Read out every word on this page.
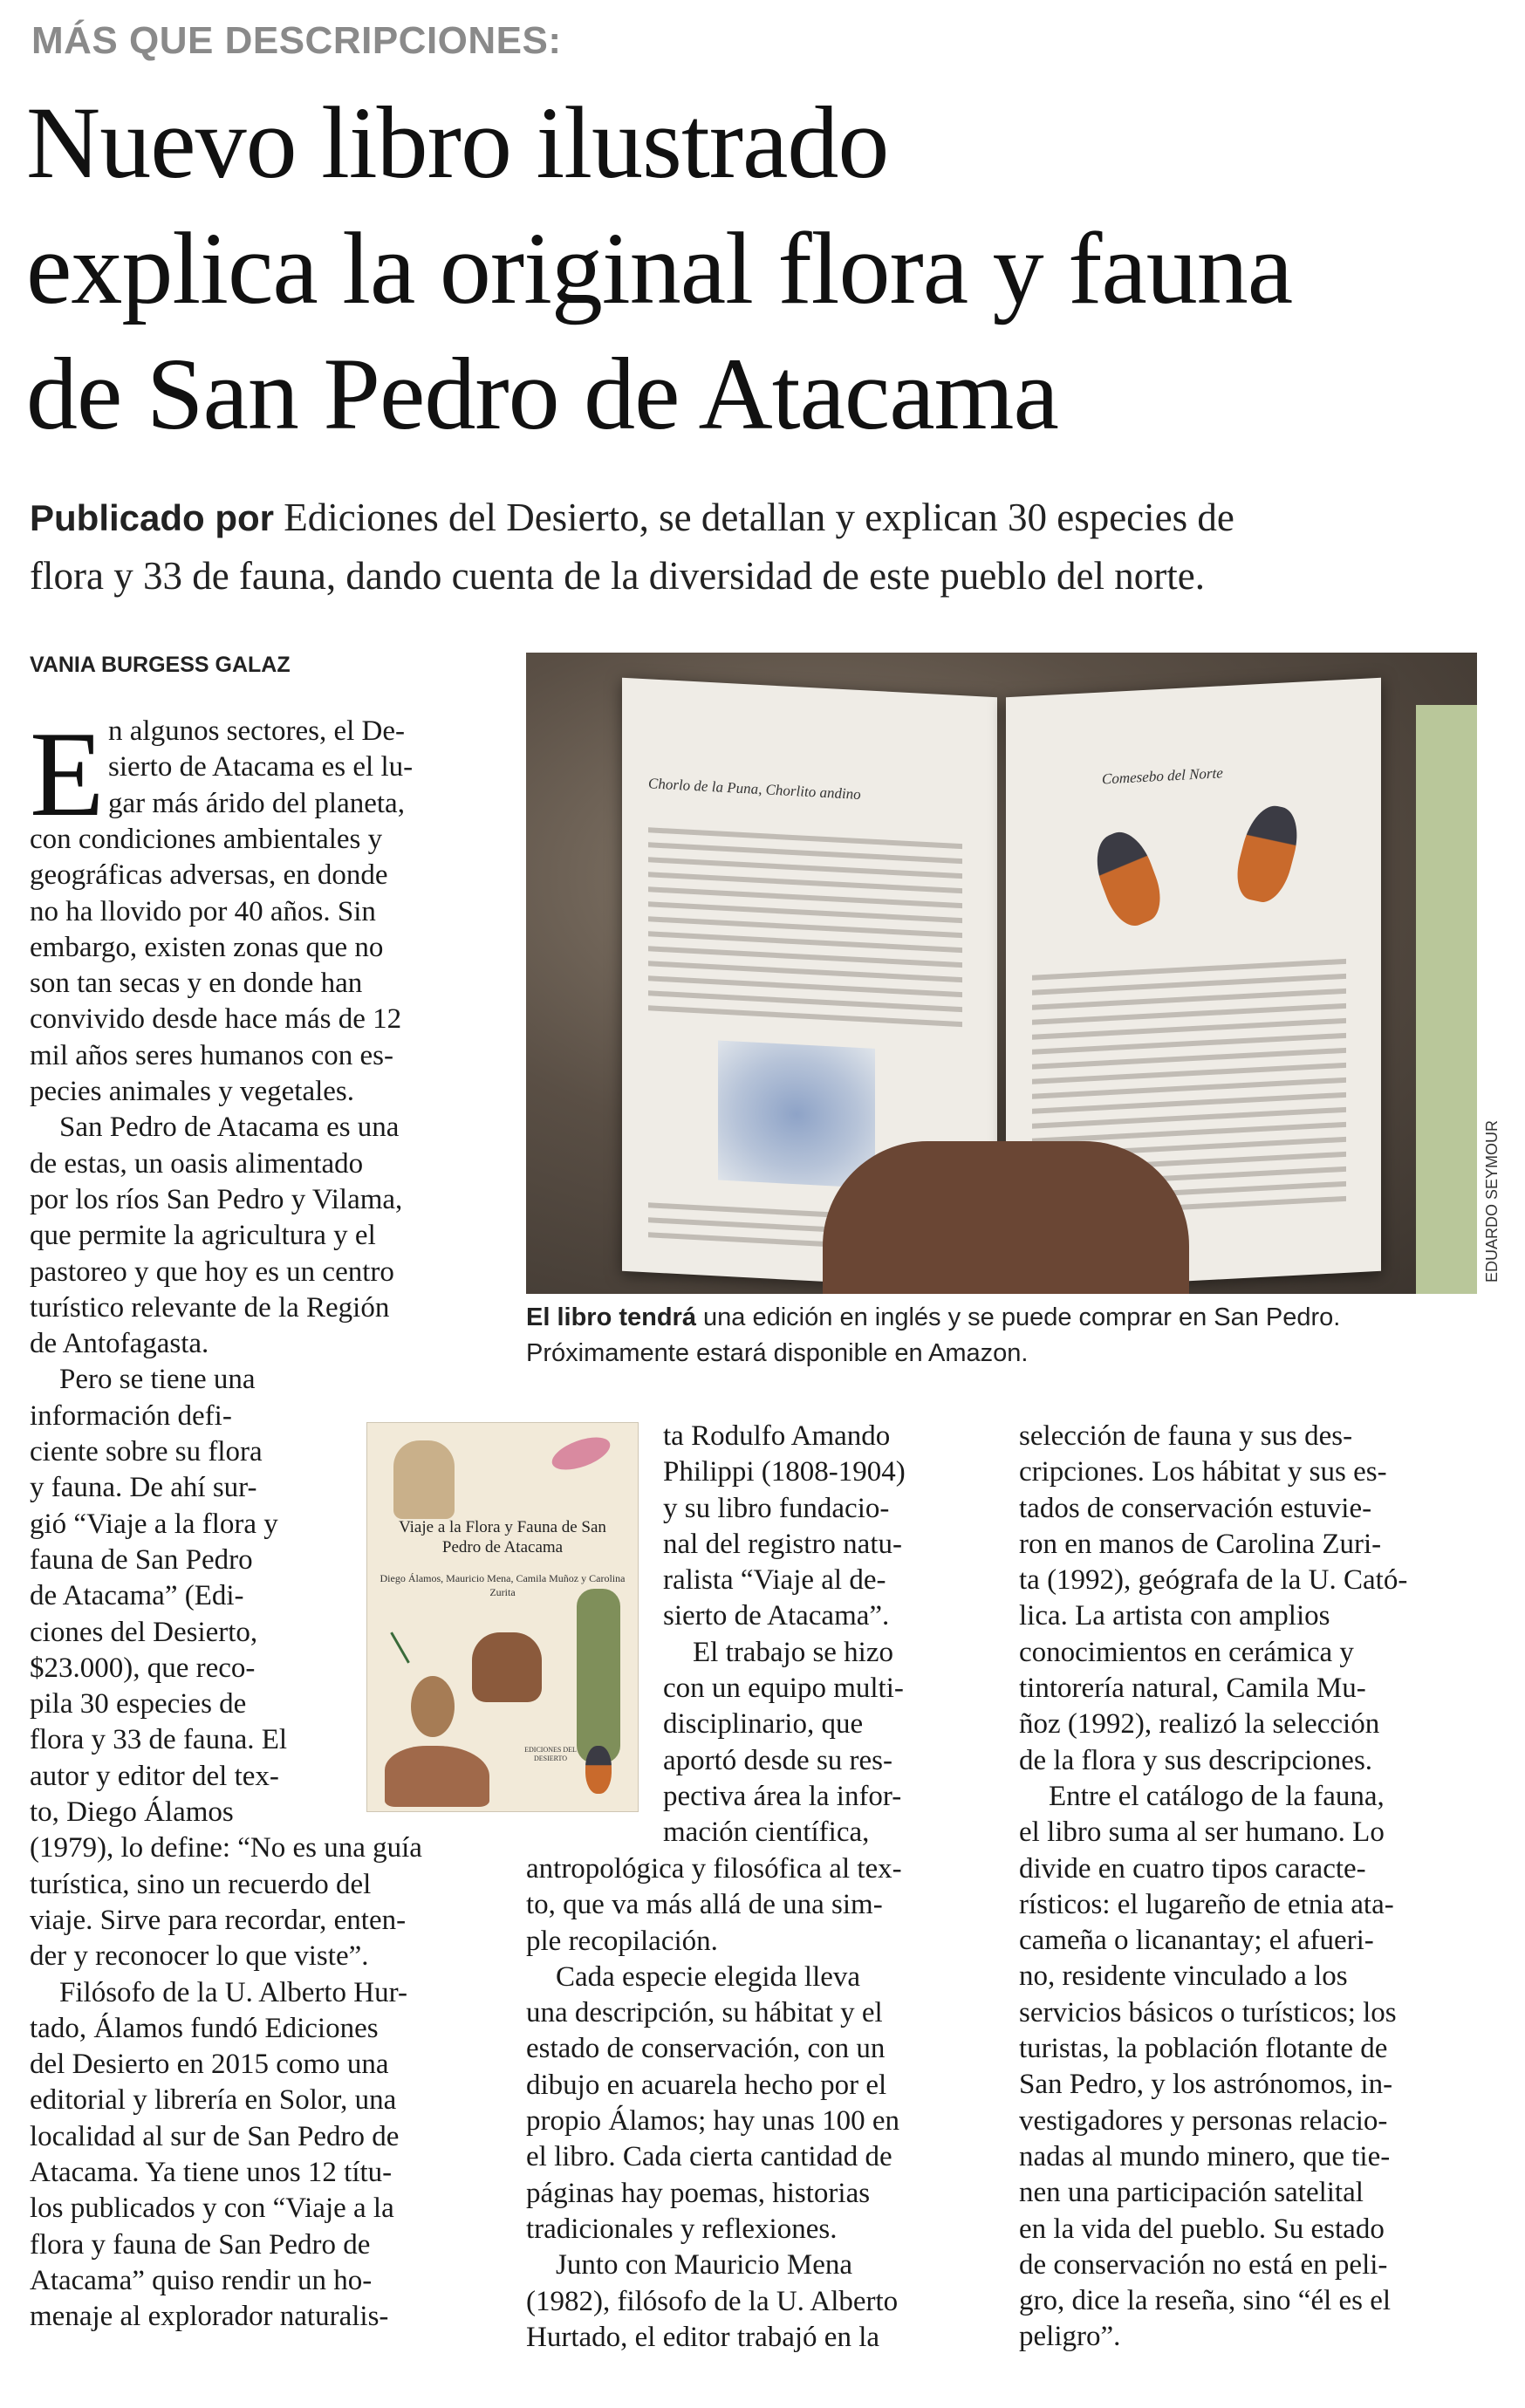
MÁS QUE DESCRIPCIONES:
Nuevo libro ilustrado
explica la original flora y fauna
de San Pedro de Atacama
Publicado por Ediciones del Desierto, se detallan y explican 30 especies de
flora y 33 de fauna, dando cuenta de la diversidad de este pueblo del norte.
VANIA BURGESS GALAZ
Chorlo de la Puna, Chorlito andino	Comesebo del Norte
EDUARDO SEYMOUR
El libro tendrá una edición en inglés y se puede comprar en San Pedro.
Próximamente estará disponible en Amazon.
E n algunos sectores, el De-
sierto de Atacama es el lu-
gar más árido del planeta,
con condiciones ambientales y
geográficas adversas, en donde
no ha llovido por 40 años. Sin
embargo, existen zonas que no
son tan secas y en donde han
convivido desde hace más de 12
mil años seres humanos con es-
pecies animales y vegetales.
San Pedro de Atacama es una
de estas, un oasis alimentado
por los ríos San Pedro y Vilama,
que permite la agricultura y el
pastoreo y que hoy es un centro
turístico relevante de la Región
de Antofagasta.
Pero se tiene una
información defi-
ciente sobre su flora
y fauna. De ahí sur-
gió “Viaje a la flora y
fauna de San Pedro
de Atacama” (Edi-
ciones del Desierto,
$23.000), que reco-
pila 30 especies de
flora y 33 de fauna. El
autor y editor del tex-
to, Diego Álamos
(1979), lo define: “No es una guía
turística, sino un recuerdo del
viaje. Sirve para recordar, enten-
der y reconocer lo que viste”.
Filósofo de la U. Alberto Hur-
tado, Álamos fundó Ediciones
del Desierto en 2015 como una
editorial y librería en Solor, una
localidad al sur de San Pedro de
Atacama. Ya tiene unos 12 títu-
los publicados y con “Viaje a la
flora y fauna de San Pedro de
Atacama” quiso rendir un ho-
menaje al explorador naturalis-
Viaje a la Flora y Fauna de San Pedro de Atacama
Diego Álamos, Mauricio Mena, Camila Muñoz y Carolina Zurita
EDICIONES DEL DESIERTO
ta Rodulfo Amando
Philippi (1808-1904)
y su libro fundacio-
nal del registro natu-
ralista “Viaje al de-
sierto de Atacama”.
El trabajo se hizo
con un equipo multi-
disciplinario, que
aportó desde su res-
pectiva área la infor-
mación científica,
antropológica y filosófica al tex-
to, que va más allá de una sim-
ple recopilación.
Cada especie elegida lleva
una descripción, su hábitat y el
estado de conservación, con un
dibujo en acuarela hecho por el
propio Álamos; hay unas 100 en
el libro. Cada cierta cantidad de
páginas hay poemas, historias
tradicionales y reflexiones.
Junto con Mauricio Mena
(1982), filósofo de la U. Alberto
Hurtado, el editor trabajó en la
selección de fauna y sus des-
cripciones. Los hábitat y sus es-
tados de conservación estuvie-
ron en manos de Carolina Zuri-
ta (1992), geógrafa de la U. Cató-
lica. La artista con amplios
conocimientos en cerámica y
tintorería natural, Camila Mu-
ñoz (1992), realizó la selección
de la flora y sus descripciones.
Entre el catálogo de la fauna,
el libro suma al ser humano. Lo
divide en cuatro tipos caracte-
rísticos: el lugareño de etnia ata-
cameña o licanantay; el afueri-
no, residente vinculado a los
servicios básicos o turísticos; los
turistas, la población flotante de
San Pedro, y los astrónomos, in-
vestigadores y personas relacio-
nadas al mundo minero, que tie-
nen una participación satelital
en la vida del pueblo. Su estado
de conservación no está en peli-
gro, dice la reseña, sino “él es el
peligro”.
